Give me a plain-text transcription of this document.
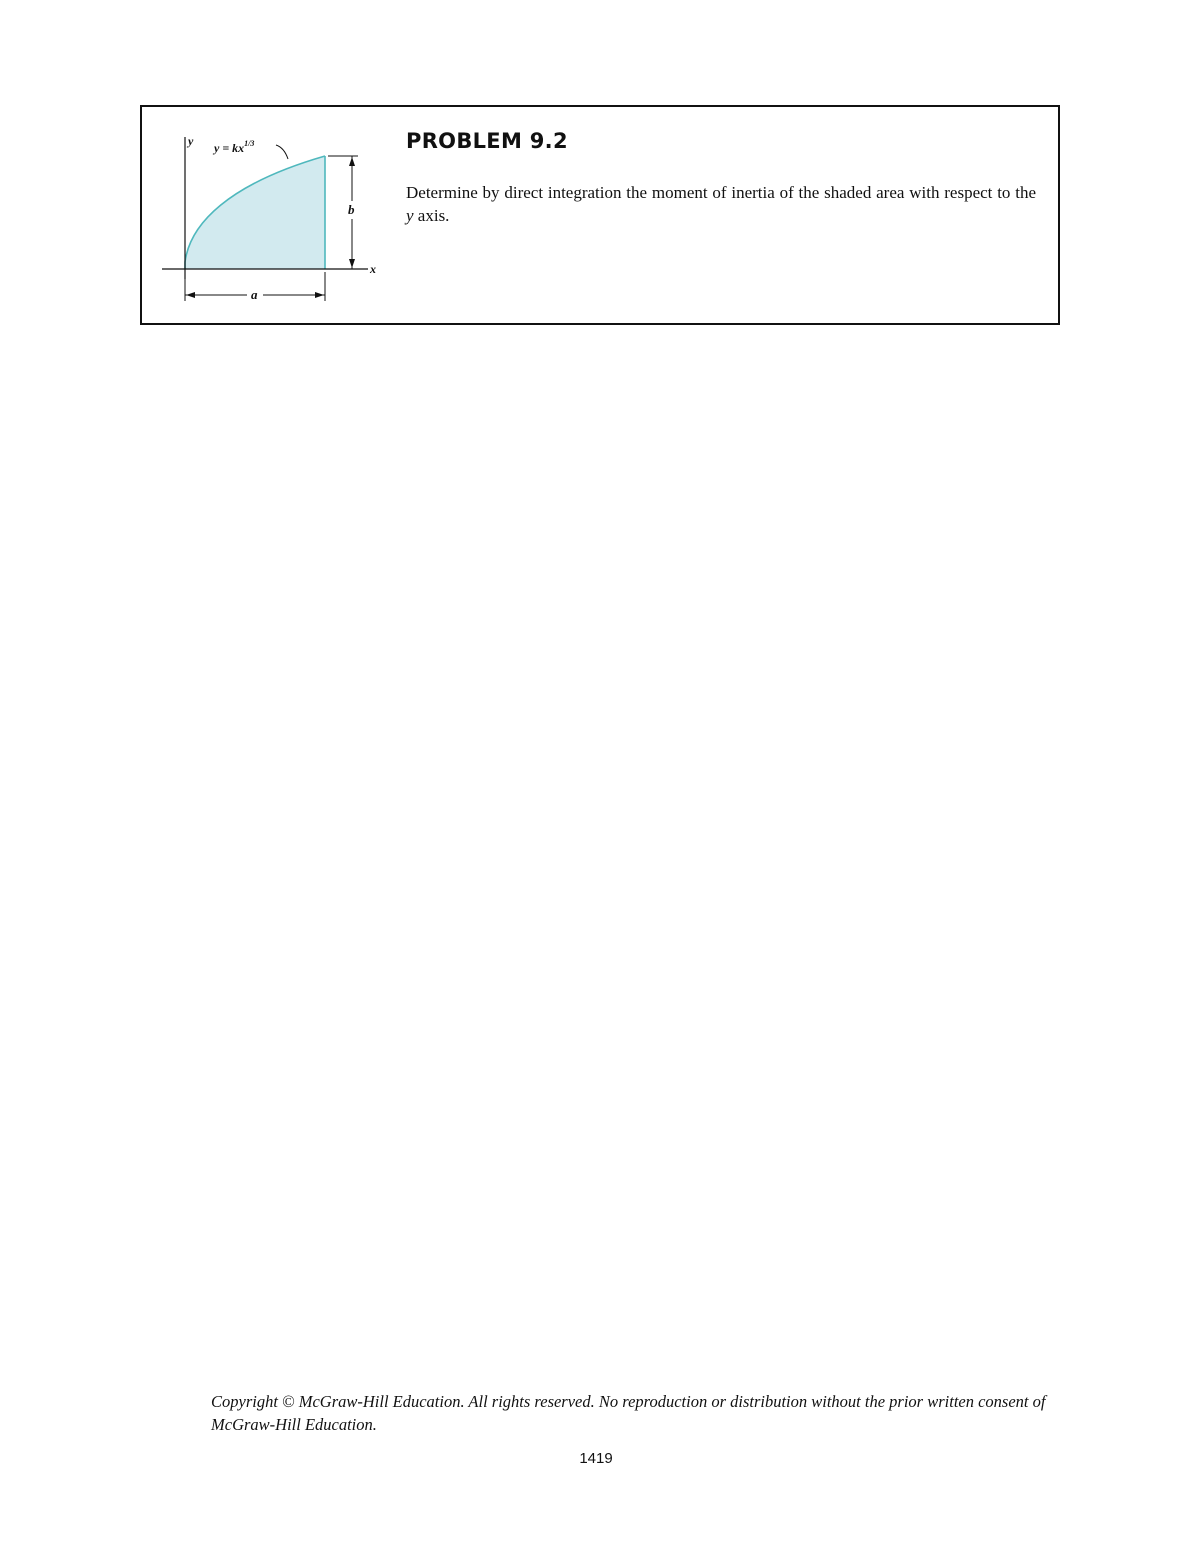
b
a
y
x
$y = kx^{1/3}$	PROBLEM 9.2

Determine by direct integration the moment of inertia of the shaded area with respect to the y axis.

Copyright © McGraw-Hill Education. All rights reserved. No reproduction or distribution without the prior written consent of McGraw-Hill Education.

1419
